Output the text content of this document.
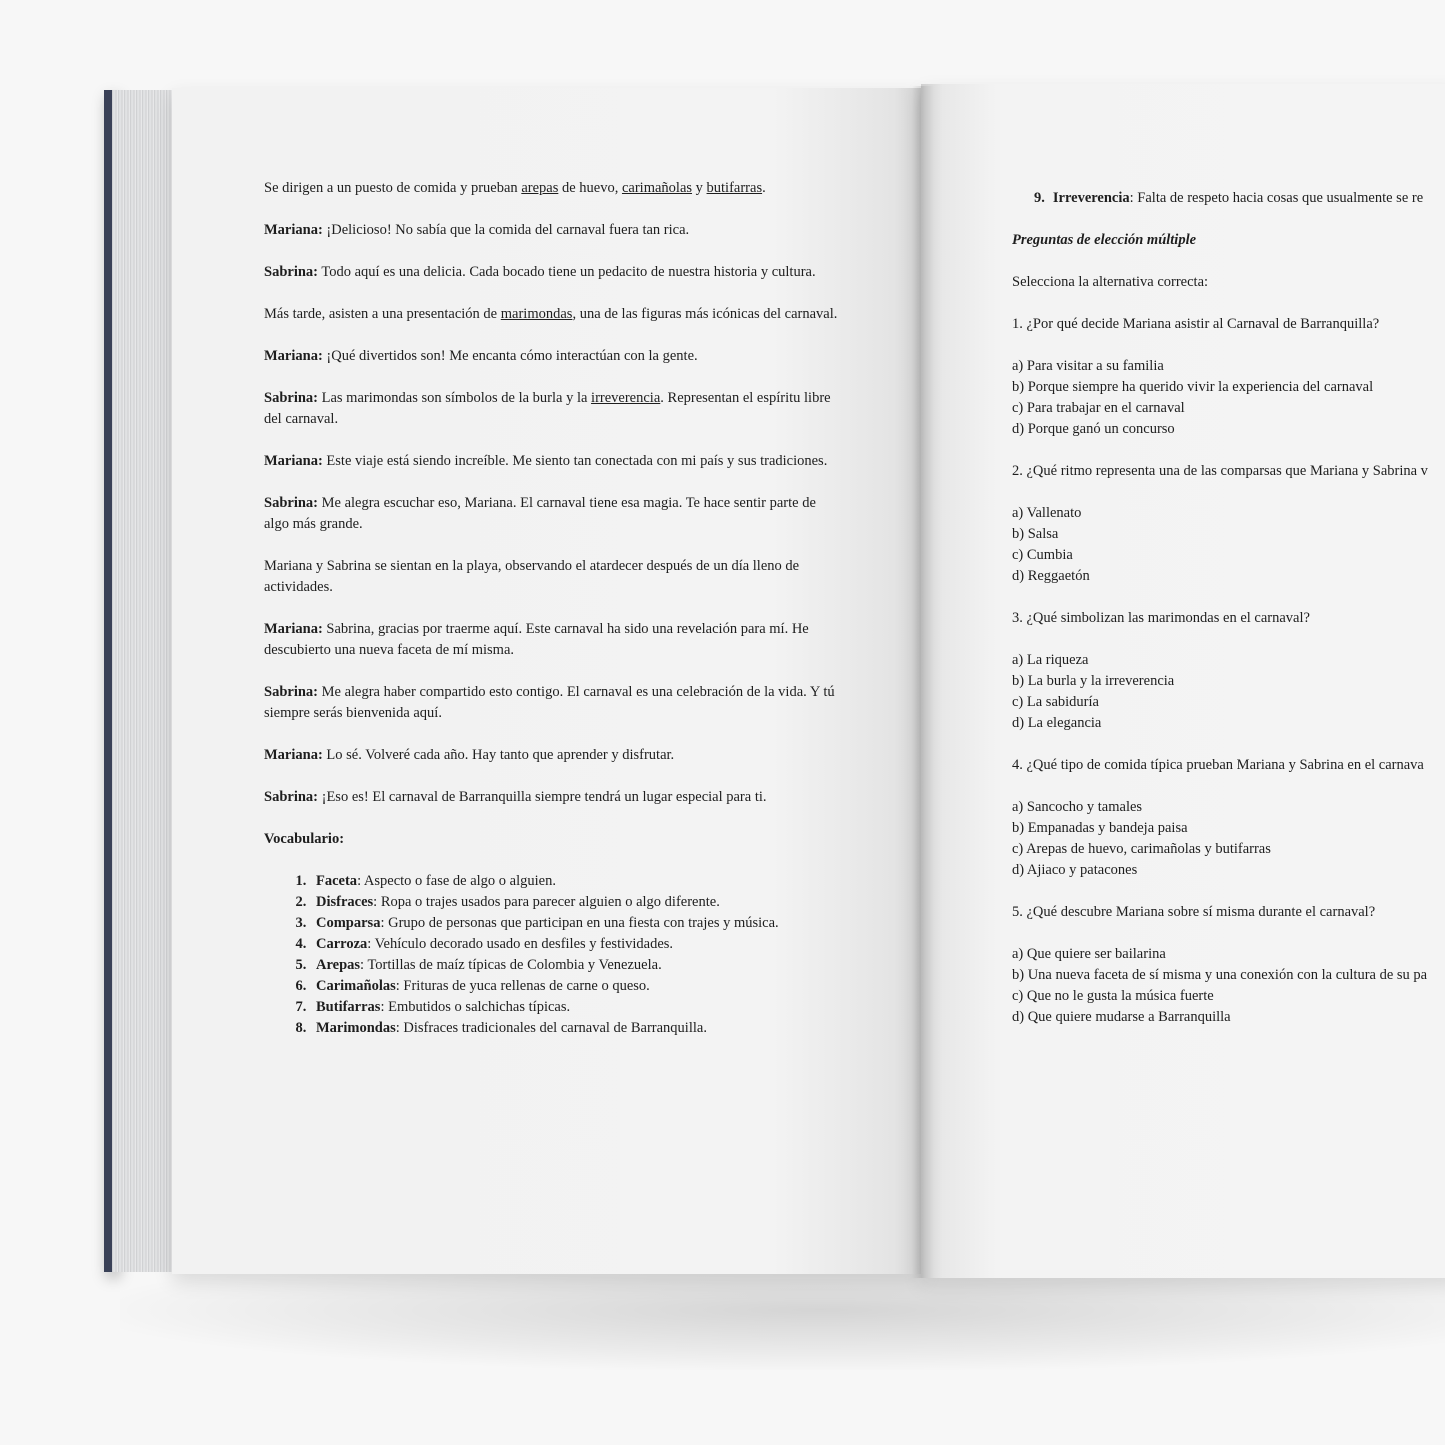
Se dirigen a un puesto de comida y prueban arepas de huevo, carimañolas y butifarras.

Mariana: ¡Delicioso! No sabía que la comida del carnaval fuera tan rica.

Sabrina: Todo aquí es una delicia. Cada bocado tiene un pedacito de nuestra historia y cultura.

Más tarde, asisten a una presentación de marimondas, una de las figuras más icónicas del carnaval.

Mariana: ¡Qué divertidos son! Me encanta cómo interactúan con la gente.

Sabrina: Las marimondas son símbolos de la burla y la irreverencia. Representan el espíritu libre del carnaval.

Mariana: Este viaje está siendo increíble. Me siento tan conectada con mi país y sus tradiciones.

Sabrina: Me alegra escuchar eso, Mariana. El carnaval tiene esa magia. Te hace sentir parte de algo más grande.

Mariana y Sabrina se sientan en la playa, observando el atardecer después de un día lleno de actividades.

Mariana: Sabrina, gracias por traerme aquí. Este carnaval ha sido una revelación para mí. He descubierto una nueva faceta de mí misma.

Sabrina: Me alegra haber compartido esto contigo. El carnaval es una celebración de la vida. Y tú siempre serás bienvenida aquí.

Mariana: Lo sé. Volveré cada año. Hay tanto que aprender y disfrutar.

Sabrina: ¡Eso es! El carnaval de Barranquilla siempre tendrá un lugar especial para ti.

Vocabulario:
1. Faceta: Aspecto o fase de algo o alguien.
2. Disfraces: Ropa o trajes usados para parecer alguien o algo diferente.
3. Comparsa: Grupo de personas que participan en una fiesta con trajes y música.
4. Carroza: Vehículo decorado usado en desfiles y festividades.
5. Arepas: Tortillas de maíz típicas de Colombia y Venezuela.
6. Carimañolas: Frituras de yuca rellenas de carne o queso.
7. Butifarras: Embutidos o salchichas típicas.
8. Marimondas: Disfraces tradicionales del carnaval de Barranquilla.
9. Irreverencia: Falta de respeto hacia cosas que usualmente se re
Preguntas de elección múltiple

Selecciona la alternativa correcta:

1. ¿Por qué decide Mariana asistir al Carnaval de Barranquilla?
a) Para visitar a su familia
b) Porque siempre ha querido vivir la experiencia del carnaval
c) Para trabajar en el carnaval
d) Porque ganó un concurso
2. ¿Qué ritmo representa una de las comparsas que Mariana y Sabrina v
a) Vallenato
b) Salsa
c) Cumbia
d) Reggaetón
3. ¿Qué simbolizan las marimondas en el carnaval?
a) La riqueza
b) La burla y la irreverencia
c) La sabiduría
d) La elegancia
4. ¿Qué tipo de comida típica prueban Mariana y Sabrina en el carnava
a) Sancocho y tamales
b) Empanadas y bandeja paisa
c) Arepas de huevo, carimañolas y butifarras
d) Ajiaco y patacones
5. ¿Qué descubre Mariana sobre sí misma durante el carnaval?
a) Que quiere ser bailarina
b) Una nueva faceta de sí misma y una conexión con la cultura de su pa
c) Que no le gusta la música fuerte
d) Que quiere mudarse a Barranquilla
